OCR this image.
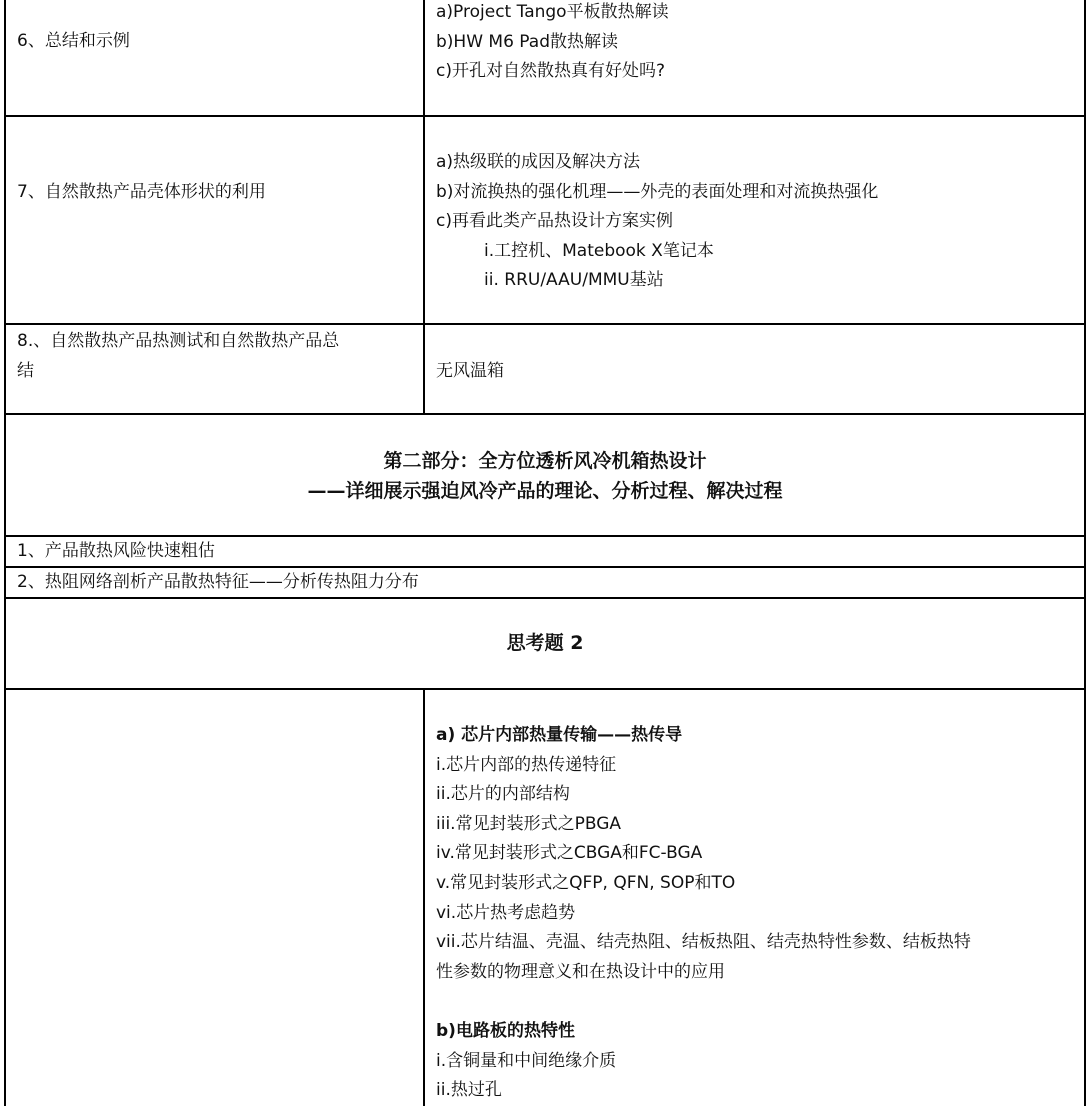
6、总结和示例
a)Project Tango平板散热解读
b)HW M6 Pad散热解读
c)开孔对自然散热真有好处吗?
7、自然散热产品壳体形状的利用
a)热级联的成因及解决方法
b)对流换热的强化机理——外壳的表面处理和对流换热强化
c)再看此类产品热设计方案实例
i.工控机、Matebook X笔记本
ii. RRU/AAU/MMU基站
8.、自然散热产品热测试和自然散热产品总
结	无风温箱
第二部分：全方位透析风冷机箱热设计
——详细展示强迫风冷产品的理论、分析过程、解决过程
1、产品散热风险快速粗估
2、热阻网络剖析产品散热特征——分析传热阻力分布
思考题 2
a) 芯片内部热量传输——热传导
i.芯片内部的热传递特征
ii.芯片的内部结构
iii.常见封装形式之PBGA
iv.常见封装形式之CBGA和FC-BGA
v.常见封装形式之QFP, QFN, SOP和TO
vi.芯片热考虑趋势
vii.芯片结温、壳温、结壳热阻、结板热阻、结壳热特性参数、结板热特
性参数的物理意义和在热设计中的应用
b)电路板的热特性
i.含铜量和中间绝缘介质
ii.热过孔
